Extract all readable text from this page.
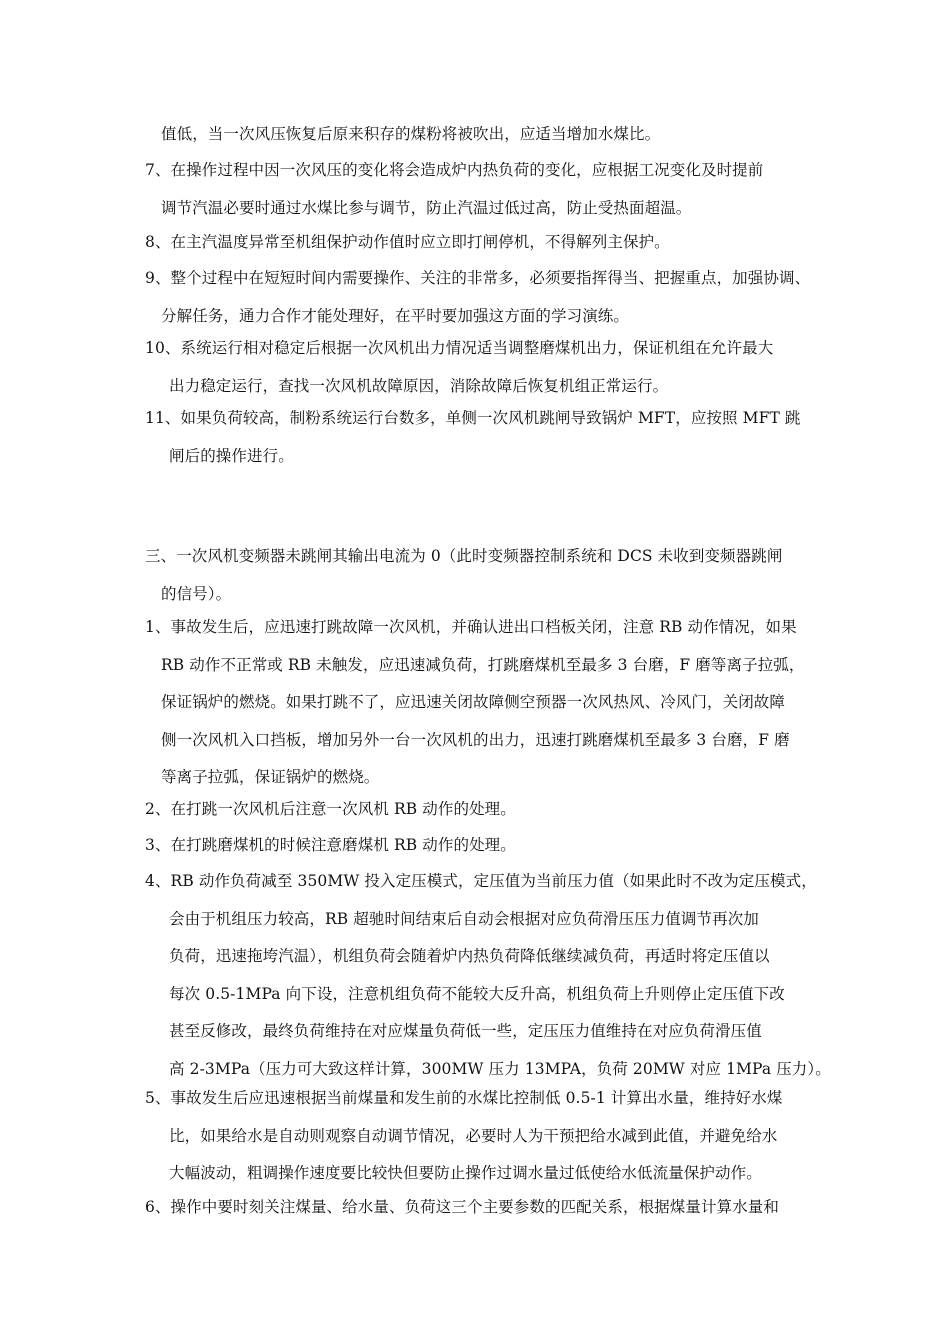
值低，当一次风压恢复后原来积存的煤粉将被吹出，应适当增加水煤比。
7、在操作过程中因一次风压的变化将会造成炉内热负荷的变化，应根据工况变化及时提前
调节汽温必要时通过水煤比参与调节，防止汽温过低过高，防止受热面超温。
8、在主汽温度异常至机组保护动作值时应立即打闸停机，不得解列主保护。
9、整个过程中在短短时间内需要操作、关注的非常多，必须要指挥得当、把握重点，加强协调、
分解任务，通力合作才能处理好，在平时要加强这方面的学习演练。
10、系统运行相对稳定后根据一次风机出力情况适当调整磨煤机出力，保证机组在允许最大
出力稳定运行，查找一次风机故障原因，消除故障后恢复机组正常运行。
11、如果负荷较高，制粉系统运行台数多，单侧一次风机跳闸导致锅炉 MFT，应按照 MFT 跳
闸后的操作进行。
三、一次风机变频器未跳闸其输出电流为 0（此时变频器控制系统和 DCS 未收到变频器跳闸
的信号）。
1、事故发生后，应迅速打跳故障一次风机，并确认进出口档板关闭，注意 RB 动作情况，如果
RB 动作不正常或 RB 未触发，应迅速减负荷，打跳磨煤机至最多 3 台磨，F 磨等离子拉弧，
保证锅炉的燃烧。如果打跳不了，应迅速关闭故障侧空预器一次风热风、冷风门，关闭故障
侧一次风机入口挡板，增加另外一台一次风机的出力，迅速打跳磨煤机至最多 3 台磨，F 磨
等离子拉弧，保证锅炉的燃烧。
2、在打跳一次风机后注意一次风机 RB 动作的处理。
3、在打跳磨煤机的时候注意磨煤机 RB 动作的处理。
4、RB 动作负荷减至 350MW 投入定压模式，定压值为当前压力值（如果此时不改为定压模式，
会由于机组压力较高，RB 超驰时间结束后自动会根据对应负荷滑压压力值调节再次加
负荷，迅速拖垮汽温），机组负荷会随着炉内热负荷降低继续减负荷，再适时将定压值以
每次 0.5-1MPa 向下设，注意机组负荷不能较大反升高，机组负荷上升则停止定压值下改
甚至反修改，最终负荷维持在对应煤量负荷低一些，定压压力值维持在对应负荷滑压值
高 2-3MPa（压力可大致这样计算，300MW 压力 13MPA，负荷 20MW 对应 1MPa 压力）。
5、事故发生后应迅速根据当前煤量和发生前的水煤比控制低 0.5-1 计算出水量，维持好水煤
比，如果给水是自动则观察自动调节情况，必要时人为干预把给水减到此值，并避免给水
大幅波动，粗调操作速度要比较快但要防止操作过调水量过低使给水低流量保护动作。
6、操作中要时刻关注煤量、给水量、负荷这三个主要参数的匹配关系，根据煤量计算水量和
